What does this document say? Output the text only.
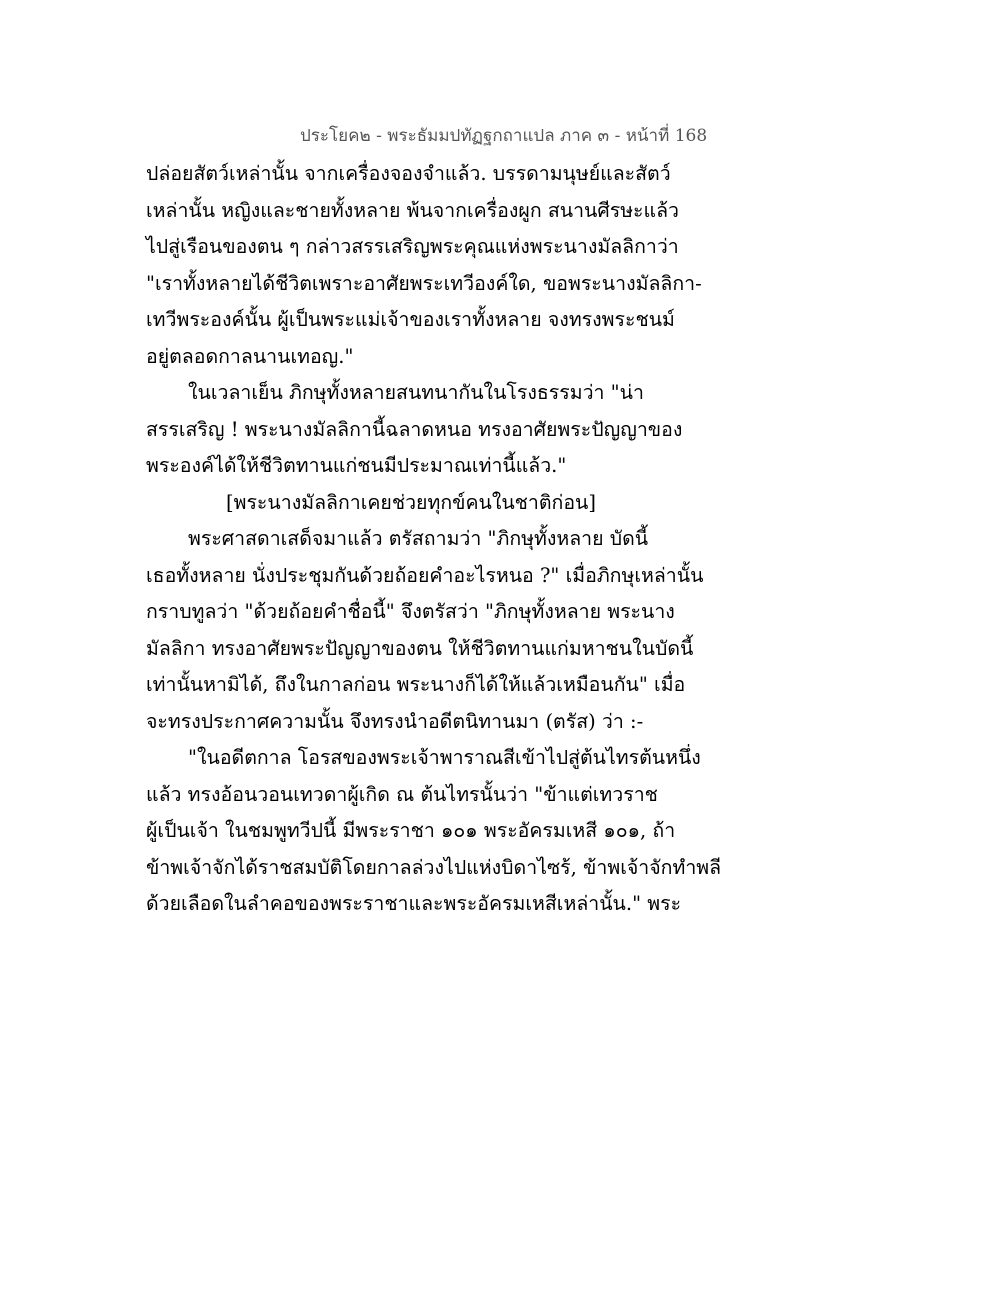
ประโยค๒ - พระธัมมปทัฏฐกถาแปล ภาค ๓ - หน้าที่ 168
ปล่อยสัตว์เหล่านั้น จากเครื่องจองจำแล้ว. บรรดามนุษย์และสัตว์
เหล่านั้น หญิงและชายทั้งหลาย พ้นจากเครื่องผูก สนานศีรษะแล้ว
ไปสู่เรือนของตน ๆ กล่าวสรรเสริญพระคุณแห่งพระนางมัลลิกาว่า
"เราทั้งหลายได้ชีวิตเพราะอาศัยพระเทวีองค์ใด, ขอพระนางมัลลิกา-
เทวีพระองค์นั้น ผู้เป็นพระแม่เจ้าของเราทั้งหลาย จงทรงพระชนม์
อยู่ตลอดกาลนานเทอญ."
ในเวลาเย็น ภิกษุทั้งหลายสนทนากันในโรงธรรมว่า "น่า
สรรเสริญ ! พระนางมัลลิกานี้ฉลาดหนอ ทรงอาศัยพระปัญญาของ
พระองค์ได้ให้ชีวิตทานแก่ชนมีประมาณเท่านี้แล้ว."
[พระนางมัลลิกาเคยช่วยทุกข์คนในชาติก่อน]
พระศาสดาเสด็จมาแล้ว ตรัสถามว่า "ภิกษุทั้งหลาย บัดนี้
เธอทั้งหลาย นั่งประชุมกันด้วยถ้อยคำอะไรหนอ ?" เมื่อภิกษุเหล่านั้น
กราบทูลว่า "ด้วยถ้อยคำชื่อนี้" จึงตรัสว่า "ภิกษุทั้งหลาย พระนาง
มัลลิกา ทรงอาศัยพระปัญญาของตน ให้ชีวิตทานแก่มหาชนในบัดนี้
เท่านั้นหามิได้, ถึงในกาลก่อน พระนางก็ได้ให้แล้วเหมือนกัน" เมื่อ
จะทรงประกาศความนั้น จึงทรงนำอดีตนิทานมา (ตรัส) ว่า :-
"ในอดีตกาล โอรสของพระเจ้าพาราณสีเข้าไปสู่ต้นไทรต้นหนึ่ง
แล้ว ทรงอ้อนวอนเทวดาผู้เกิด ณ ต้นไทรนั้นว่า "ข้าแต่เทวราช
ผู้เป็นเจ้า ในชมพูทวีปนี้ มีพระราชา ๑๐๑ พระอัครมเหสี ๑๐๑, ถ้า
ข้าพเจ้าจักได้ราชสมบัติโดยกาลล่วงไปแห่งบิดาไซร้, ข้าพเจ้าจักทำพลี
ด้วยเลือดในลำคอของพระราชาและพระอัครมเหสีเหล่านั้น." พระ
